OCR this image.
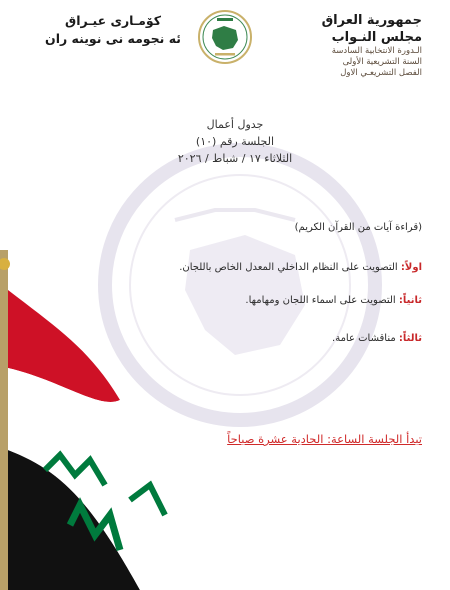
جمهورية العراق
مجلس النـواب
الـدورة الانتخابية السادسة
السنة التشريعية الأولى
الفصل التشريعـي الاول
كۆمـارى عيـراق
ئه نجومه نى نوينه ران
جدول أعمال
الجلسة رقم (١٠)
الثلاثاء ١٧ / شباط / ٢٠٢٦
(قراءة آيات من القرآن الكريم)
اولاً: التصويت على النظام الداخلي المعدل الخاص باللجان.
ثانياً: التصويت على اسماء اللجان ومهامها.
ثالثاً: مناقشات عامة.
تبدأ الجلسة الساعة: الحادية عشرة صباحاً
